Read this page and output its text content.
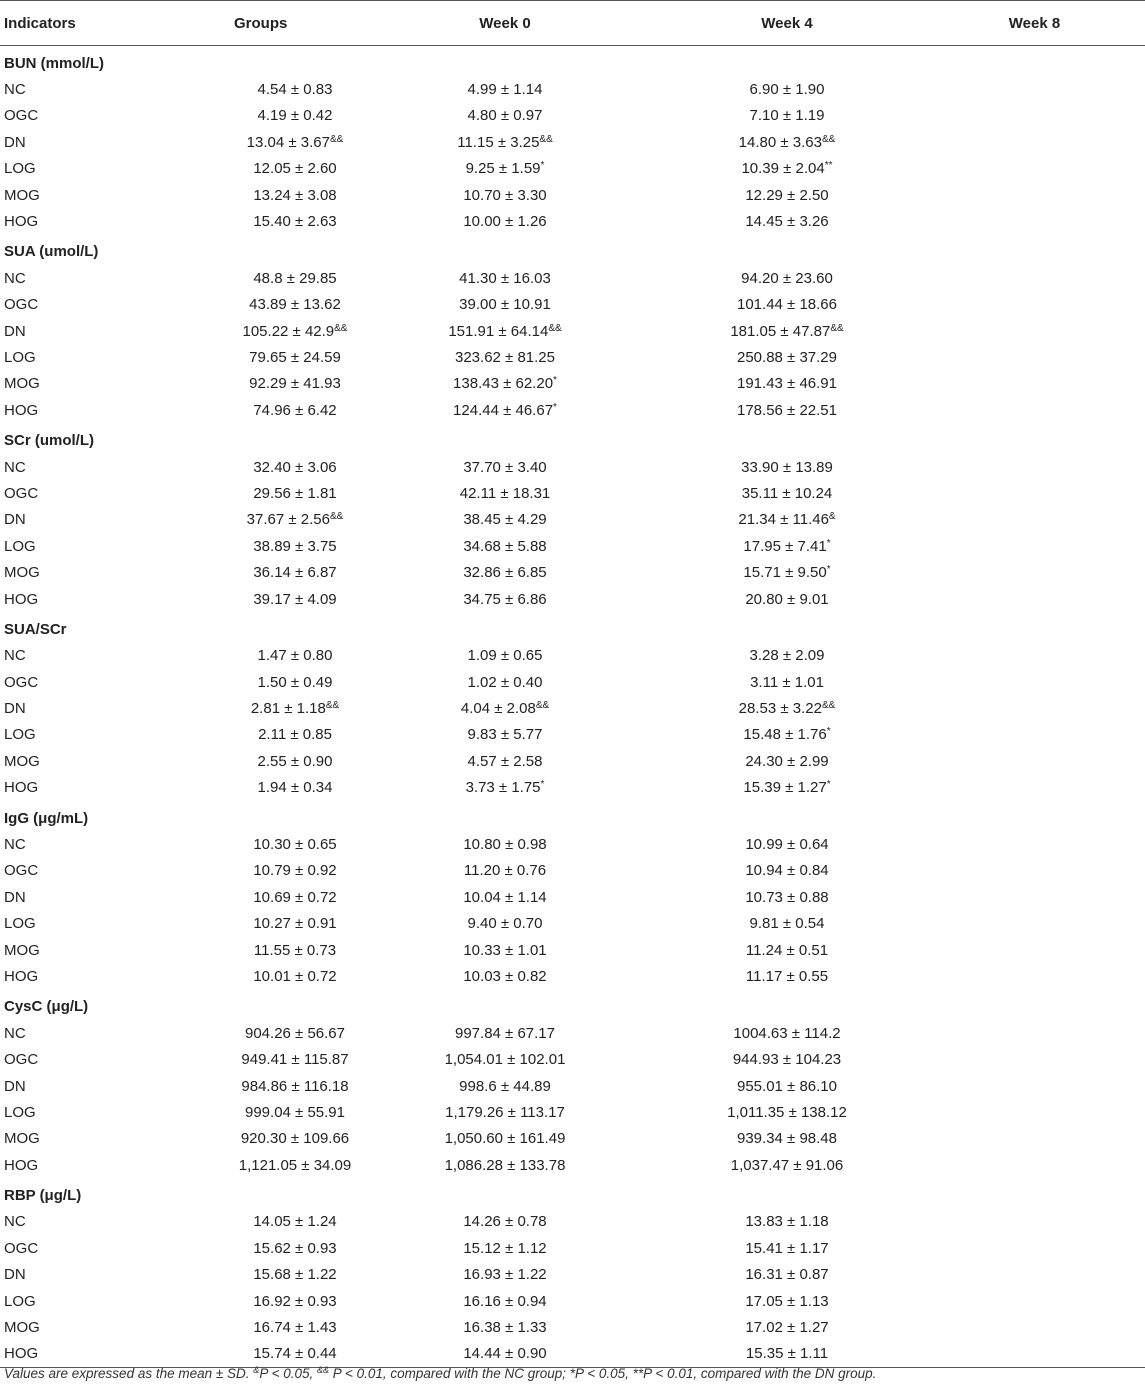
Indicators	Groups	Week 0	Week 4	Week 8
BUN (mmol/L)				
NC	4.54 ± 0.83	4.99 ± 1.14	6.90 ± 1.90	
OGC	4.19 ± 0.42	4.80 ± 0.97	7.10 ± 1.19	
DN	13.04 ± 3.67&&	11.15 ± 3.25&&	14.80 ± 3.63&&
LOG	12.05 ± 2.60	9.25 ± 1.59*	10.39 ± 2.04**
MOG	13.24 ± 3.08	10.70 ± 3.30	12.29 ± 2.50	
HOG	15.40 ± 2.63	10.00 ± 1.26	14.45 ± 3.26	
SUA (umol/L)				
NC	48.8 ± 29.85	41.30 ± 16.03	94.20 ± 23.60	
OGC	43.89 ± 13.62	39.00 ± 10.91	101.44 ± 18.66	
DN	105.22 ± 42.9&&	151.91 ± 64.14&&	181.05 ± 47.87&&
LOG	79.65 ± 24.59	323.62 ± 81.25	250.88 ± 37.29	
MOG	92.29 ± 41.93	138.43 ± 62.20*	191.43 ± 46.91	
HOG	74.96 ± 6.42	124.44 ± 46.67*	178.56 ± 22.51	
SCr (umol/L)				
NC	32.40 ± 3.06	37.70 ± 3.40	33.90 ± 13.89	
OGC	29.56 ± 1.81	42.11 ± 18.31	35.11 ± 10.24	
DN	37.67 ± 2.56&&	38.45 ± 4.29	21.34 ± 11.46&
LOG	38.89 ± 3.75	34.68 ± 5.88	17.95 ± 7.41*
MOG	36.14 ± 6.87	32.86 ± 6.85	15.71 ± 9.50*
HOG	39.17 ± 4.09	34.75 ± 6.86	20.80 ± 9.01	
SUA/SCr				
NC	1.47 ± 0.80	1.09 ± 0.65	3.28 ± 2.09	
OGC	1.50 ± 0.49	1.02 ± 0.40	3.11 ± 1.01	
DN	2.81 ± 1.18&&	4.04 ± 2.08&&	28.53 ± 3.22&&
LOG	2.11 ± 0.85	9.83 ± 5.77	15.48 ± 1.76*
MOG	2.55 ± 0.90	4.57 ± 2.58	24.30 ± 2.99	
HOG	1.94 ± 0.34	3.73 ± 1.75*	15.39 ± 1.27*
IgG (μg/mL)				
NC	10.30 ± 0.65	10.80 ± 0.98	10.99 ± 0.64	
OGC	10.79 ± 0.92	11.20 ± 0.76	10.94 ± 0.84	
DN	10.69 ± 0.72	10.04 ± 1.14	10.73 ± 0.88	
LOG	10.27 ± 0.91	9.40 ± 0.70	9.81 ± 0.54	
MOG	11.55 ± 0.73	10.33 ± 1.01	11.24 ± 0.51	
HOG	10.01 ± 0.72	10.03 ± 0.82	11.17 ± 0.55	
CysC (μg/L)				
NC	904.26 ± 56.67	997.84 ± 67.17	1004.63 ± 114.2	
OGC	949.41 ± 115.87	1,054.01 ± 102.01	944.93 ± 104.23	
DN	984.86 ± 116.18	998.6 ± 44.89	955.01 ± 86.10	
LOG	999.04 ± 55.91	1,179.26 ± 113.17	1,011.35 ± 138.12	
MOG	920.30 ± 109.66	1,050.60 ± 161.49	939.34 ± 98.48	
HOG	1,121.05 ± 34.09	1,086.28 ± 133.78	1,037.47 ± 91.06	
RBP (μg/L)				
NC	14.05 ± 1.24	14.26 ± 0.78	13.83 ± 1.18	
OGC	15.62 ± 0.93	15.12 ± 1.12	15.41 ± 1.17	
DN	15.68 ± 1.22	16.93 ± 1.22	16.31 ± 0.87	
LOG	16.92 ± 0.93	16.16 ± 0.94	17.05 ± 1.13	
MOG	16.74 ± 1.43	16.38 ± 1.33	17.02 ± 1.27	
HOG	15.74 ± 0.44	14.44 ± 0.90	15.35 ± 1.11	
Values are expressed as the mean ± SD. &P < 0.05, && P < 0.01, compared with the NC group; *P < 0.05, **P < 0.01, compared with the DN group.
